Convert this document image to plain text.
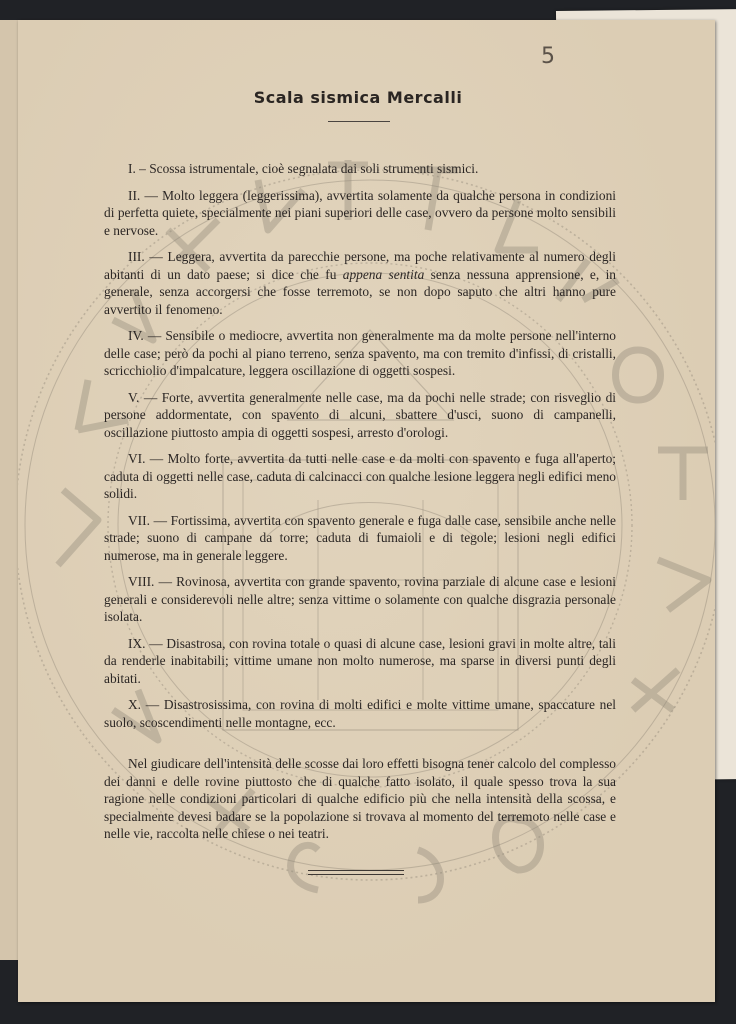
5
Scala sismica Mercalli

I. – Scossa istrumentale, cioè segnalata dai soli strumenti sismici.

II. — Molto leggera (leggerissima), avvertita solamente da qualche persona in condizioni di perfetta quiete, specialmente nei piani superiori delle case, ovvero da persone molto sensibili e nervose.

III. — Leggera, avvertita da parecchie persone, ma poche relativamente al numero degli abitanti di un dato paese; si dice che fu appena sentita senza nessuna apprensione, e, in generale, senza accorgersi che fosse terremoto, se non dopo saputo che altri hanno pure avvertito il fenomeno.

IV. — Sensibile o mediocre, avvertita non generalmente ma da molte persone nell'interno delle case; però da pochi al piano terreno, senza spavento, ma con tremito d'infissi, di cristalli, scricchiolio d'impalcature, leggera oscillazione di oggetti sospesi.

V. — Forte, avvertita generalmente nelle case, ma da pochi nelle strade; con risveglio di persone addormentate, con spavento di alcuni, sbattere d'usci, suono di campanelli, oscillazione piuttosto ampia di oggetti sospesi, arresto d'orologi.

VI. — Molto forte, avvertita da tutti nelle case e da molti con spavento e fuga all'aperto; caduta di oggetti nelle case, caduta di calcinacci con qualche lesione leggera negli edifici meno solidi.

VII. — Fortissima, avvertita con spavento generale e fuga dalle case, sensibile anche nelle strade; suono di campane da torre; caduta di fumaioli e di tegole; lesioni negli edifici numerose, ma in generale leggere.

VIII. — Rovinosa, avvertita con grande spavento, rovina parziale di alcune case e lesioni generali e considerevoli nelle altre; senza vittime o solamente con qualche disgrazia personale isolata.

IX. — Disastrosa, con rovina totale o quasi di alcune case, lesioni gravi in molte altre, tali da renderle inabitabili; vittime umane non molto numerose, ma sparse in diversi punti degli abitati.

X. — Disastrosissima, con rovina di molti edifici e molte vittime umane, spaccature nel suolo, scoscendimenti nelle montagne, ecc.

Nel giudicare dell'intensità delle scosse dai loro effetti bisogna tener calcolo del complesso dei danni e delle rovine piuttosto che di qualche fatto isolato, il quale spesso trova la sua ragione nelle condizioni particolari di qualche edificio più che nella intensità della scossa, e specialmente devesi badare se la popolazione si trovava al momento del terremoto nelle case e nelle vie, raccolta nelle chiese o nei teatri.
